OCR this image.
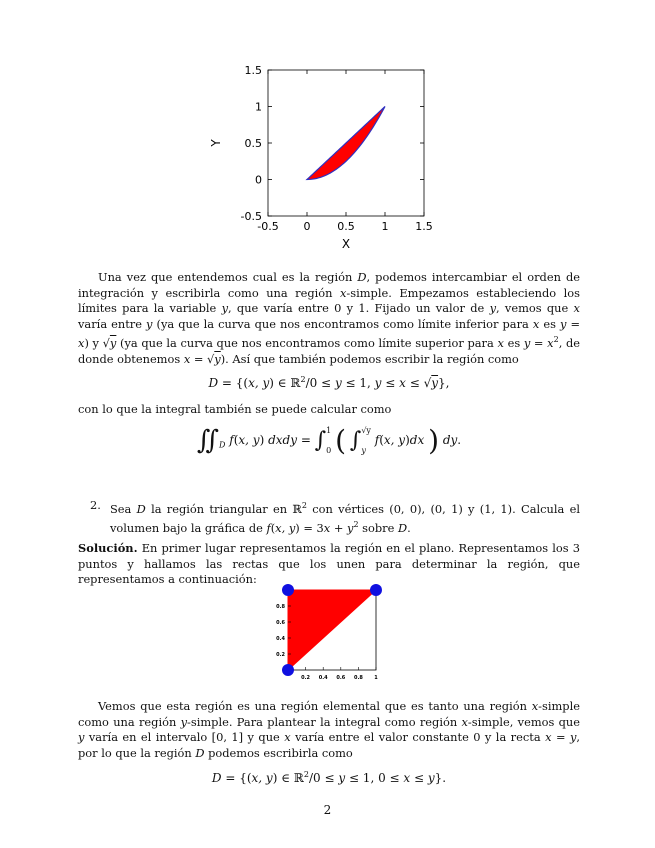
-0.5 0 0.5 1 1.5
-0.5
0
0.5
1
1.5
X
Y
Una vez que entendemos cual es la región D, podemos intercambiar el orden de integración y escribirla como una región x-simple. Empezamos estableciendo los límites para la variable y, que varía entre 0 y 1. Fijado un valor de y, vemos que x varía entre y (ya que la curva que nos encontramos como límite inferior para x es y = x) y √y (ya que la curva que nos encontramos como límite superior para x es $y = x^2$, de donde obtenemos x = √y). Así que también podemos escribir la región como
D = {(x, y) ∈ ℝ$^2$/0 ≤ y ≤ 1, y ≤ x ≤ √y},
con lo que la integral también se puede calcular como
$∬_D$ f(x, y) dxdy = ∫1

0 ( ∫√y

y f(x, y)dx ) dy.
2. Sea D la región triangular en ℝ$^2$ con vértices (0, 0), (0, 1) y (1, 1). Calcula el volumen bajo la gráfica de f(x, $y) = 3x + y^2$ sobre D.
Solución. En primer lugar representamos la región en el plano. Representamos los 3 puntos y hallamos las rectas que los unen para determinar la región, que representamos a continuación:
0.2 0.4 0.6 0.8 1
0.2
0.4
0.6
0.8
Vemos que esta región es una región elemental que es tanto una región x-simple como una región y-simple. Para plantear la integral como región x-simple, vemos que y varía en el intervalo [0, 1] y que x varía entre el valor constante 0 y la recta x = y, por lo que la región D podemos escribirla como
D = {(x, y) ∈ ℝ$^2$/0 ≤ y ≤ 1, 0 ≤ x ≤ y}.
2
